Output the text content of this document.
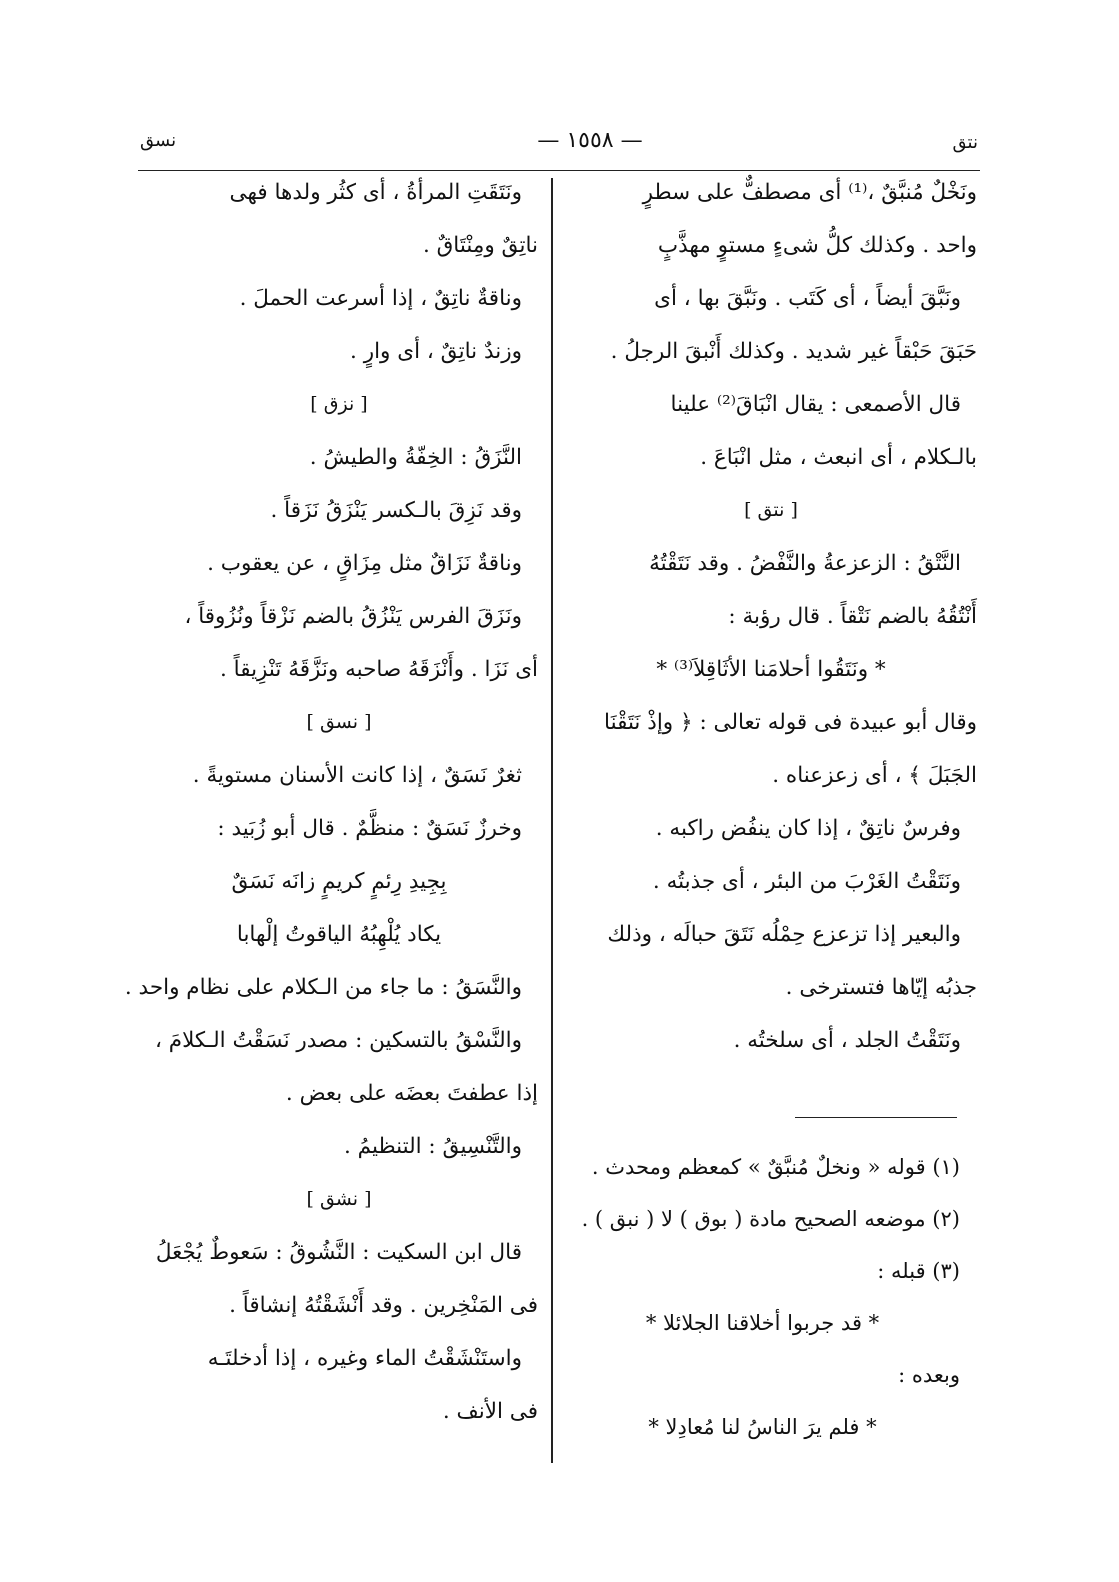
نسق	— ١٥٥٨ —	نتق
ونَخْلٌ مُنبَّقٌ ،⁽¹⁾ أى مصطفٌّ على سطرٍ
واحد . وكذلك كلُّ شىءٍ مستوٍ مهذَّبٍ
ونَبَّقَ أيضاً ، أى كَتَب . ونَبَّقَ بها ، أى
حَبَقَ حَبْقاً غير شديد . وكذلك أَنْبقَ الرجلُ .
قال الأصمعى : يقال انْبَاقَ⁽²⁾ علينا
بالـكلام ، أى انبعث ، مثل انْبَاعَ .
[ نتق ]
النَّتْقُ : الزعزعةُ والنَّفْضُ . وقد نَتَقْتُهُ
أَنْتُقُهُ بالضم نَتْقاً . قال رؤبة :
* ونَتَقُوا أحلامَنا الأثَاقِلاَ⁽³⁾ *
وقال أبو عبيدة فى قوله تعالى : ﴿ وإذْ نَتَقْنَا
الجَبَلَ ﴾ ، أى زعزعناه .
وفرسٌ ناتِقٌ ، إذا كان ينفُض راكبه .
ونَتَقْتُ الغَرْبَ من البئر ، أى جذبتُه .
والبعير إذا تزعزع حِمْلُه نَتَقَ حبالَه ، وذلك
جذبُه إيّاها فتسترخى .
ونَتَقْتُ الجلد ، أى سلختُه .
(١) قوله « ونخلٌ مُنبَّقٌ » كمعظم ومحدث .
(٢) موضعه الصحيح مادة ( بوق ) لا ( نبق ) .
(٣) قبله :
* قد جربوا أخلاقنا الجلائلا *
وبعده :
* فلم يرَ الناسُ لنا مُعادِلا *
ونَتَقَتِ المرأةُ ، أى كثُر ولدها فهى
ناتِقٌ ومِنْتَاقٌ .
وناقةٌ ناتِقٌ ، إذا أسرعت الحملَ .
وزندٌ ناتِقٌ ، أى وارٍ .
[ نزق ]
النَّزَقُ : الخِفّةُ والطيشُ .
وقد نَزِقَ بالـكسر يَنْزَقُ نَزَقاً .
وناقةٌ نَزَاقٌ مثل مِزَاقٍ ، عن يعقوب .
ونَزَقَ الفرس يَنْزُقُ بالضم نَزْقاً ونُزُوقاً ،
أى نَزَا . وأَنْزَقَهُ صاحبه ونَزَّقَهُ تَنْزِيقاً .
[ نسق ]
ثغرٌ نَسَقٌ ، إذا كانت الأسنان مستويةً .
وخرزٌ نَسَقٌ : منظَّمٌ . قال أبو زُبَيد :
بِجِيدِ رِئمٍ كريمٍ زانَه نَسَقٌ
يكاد يُلْهِبُهُ الياقوتُ إلْهابا
والنَّسَقُ : ما جاء من الـكلام على نظام واحد .
والنَّسْقُ بالتسكين : مصدر نَسَقْتُ الـكلامَ ،
إذا عطفتَ بعضَه على بعض .
والتَّنْسِيقُ : التنظيمُ .
[ نشق ]
قال ابن السكيت : النَّشُوقُ : سَعوطٌ يُجْعَلُ
فى المَنْخِرين . وقد أَنْشَقْتُهُ إنشاقاً .
واستَنْشَقْتُ الماء وغيره ، إذا أدخلتَـه
فى الأنف .
